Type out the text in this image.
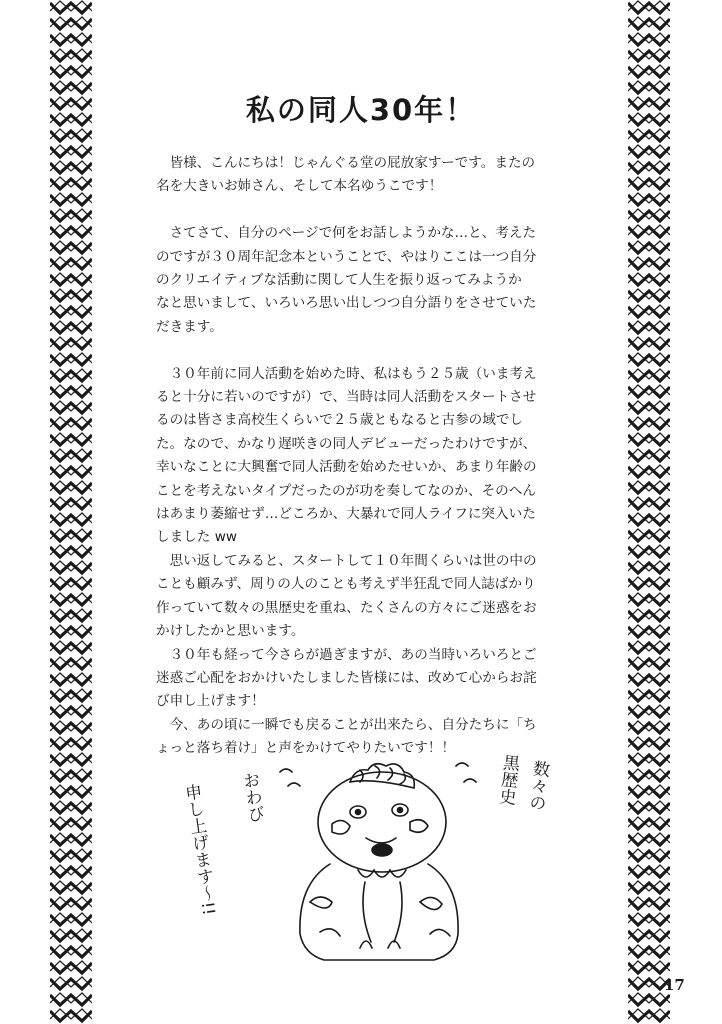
私の同人30年！

　皆様、こんにちは！じゃんぐる堂の屁放家すーです。またの

名を大きいお姉さん、そして本名ゆうこです！

　さてさて、自分のページで何をお話しようかな…と、考えた

のですが３０周年記念本ということで、やはりここは一つ自分

のクリエイティブな活動に関して人生を振り返ってみようか

なと思いまして、いろいろ思い出しつつ自分語りをさせていた

だきます。

　３０年前に同人活動を始めた時、私はもう２５歳（いま考え

ると十分に若いのですが）で、当時は同人活動をスタートさせ

るのは皆さま高校生くらいで２５歳ともなると古参の域でし

た。なので、かなり遅咲きの同人デビューだったわけですが、

幸いなことに大興奮で同人活動を始めたせいか、あまり年齢の

ことを考えないタイプだったのが功を奏してなのか、そのへん

はあまり萎縮せず…どころか、大暴れで同人ライフに突入いた

しました ww

　思い返してみると、スタートして１０年間くらいは世の中の

ことも顧みず、周りの人のことも考えず半狂乱で同人誌ばかり

作っていて数々の黒歴史を重ね、たくさんの方々にご迷惑をお

かけしたかと思います。

　３０年も経って今さらが過ぎますが、あの当時いろいろとご

迷惑ご心配をおかけいたしました皆様には、改めて心からお詫

び申し上げます！

　今、あの頃に一瞬でも戻ることが出来たら、自分たちに「ち

ょっと落ち着け」と声をかけてやりたいです！！

おわび
申し上げます〜!!	数々の
黒歴史
17
